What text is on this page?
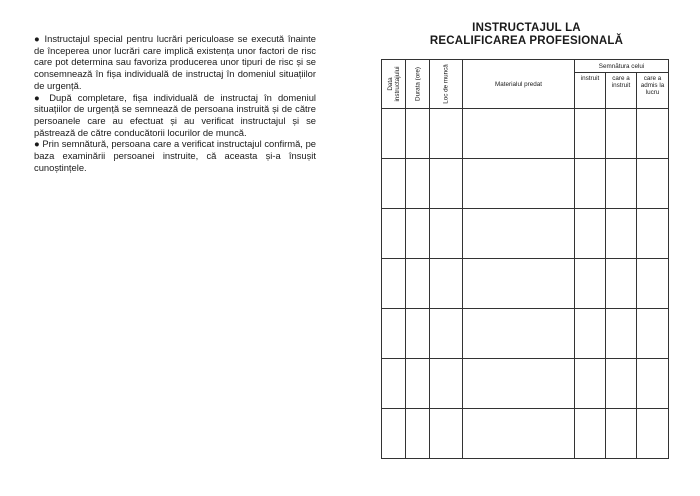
● Instructajul special pentru lucrări periculoase se execută înainte de începerea unor lucrări care implică existența unor factori de risc care pot determina sau favoriza producerea unor tipuri de risc și se consemnează în fișa individuală de instructaj în domeniul situațiilor de urgență.

● După completare, fișa individuală de instructaj în domeniul situațiilor de urgență se semnează de persoana instruită și de către persoanele care au efectuat și au verificat instructajul și se păstrează de către conducătorii locurilor de muncă.

● Prin semnătură, persoana care a verificat instructajul confirmă, pe baza examinării persoanei instruite, că aceasta și-a însușit cunoștințele.

INSTRUCTAJUL LA
RECALIFICAREA PROFESIONALĂ
Data instructajului	Durata (ore)	Loc de muncă	Materialul predat	Semnătura celui		
				instruit	care a instruit	care a admis la lucru
